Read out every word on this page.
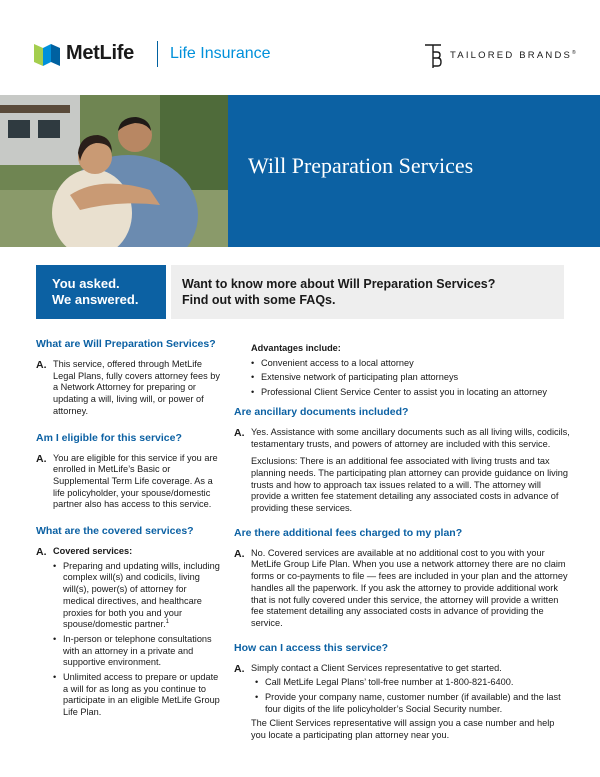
MetLife Life Insurance	TAILORED BRANDS®
Will Preparation Services
You asked.
We answered.
Want to know more about Will Preparation Services?
Find out with some FAQs.
What are Will Preparation Services?
A. This service, offered through MetLife Legal Plans, fully covers attorney fees by a Network Attorney for preparing or updating a will, living will, or power of attorney.
Am I eligible for this service?
A. You are eligible for this service if you are enrolled in MetLife’s Basic or Supplemental Term Life coverage. As a life policyholder, your spouse/domestic partner also has access to this service.
What are the covered services?
A. Covered services:
• Preparing and updating wills, including complex will(s) and codicils, living will(s), power(s) of attorney for medical directives, and healthcare proxies for both you and your spouse/domestic partner.$^1$
• In-person or telephone consultations with an attorney in a private and supportive environment.
• Unlimited access to prepare or update a will for as long as you continue to participate in an eligible MetLife Group Life Plan.
Advantages include:
• Convenient access to a local attorney
• Extensive network of participating plan attorneys
• Professional Client Service Center to assist you in locating an attorney
Are ancillary documents included?
A. Yes. Assistance with some ancillary documents such as all living wills, codicils, testamentary trusts, and powers of attorney are included with this service.

Exclusions: There is an additional fee associated with living trusts and tax planning needs. The participating plan attorney can provide guidance on living trusts and how to approach tax issues related to a will. The attorney will provide a written fee statement detailing any associated costs in advance of providing these services.

Are there additional fees charged to my plan?
A. No. Covered services are available at no additional cost to you with your MetLife Group Life Plan. When you use a network attorney there are no claim forms or co-payments to file — fees are included in your plan and the attorney handles all the paperwork. If you ask the attorney to provide additional work that is not fully covered under this service, the attorney will provide a written fee statement detailing any associated costs in advance of providing the service.
How can I access this service?
A. Simply contact a Client Services representative to get started.
• Call MetLife Legal Plans’ toll-free number at 1-800-821-6400.
• Provide your company name, customer number (if available) and the last four digits of the life policyholder’s Social Security number.
The Client Services representative will assign you a case number and help you locate a participating plan attorney near you.
